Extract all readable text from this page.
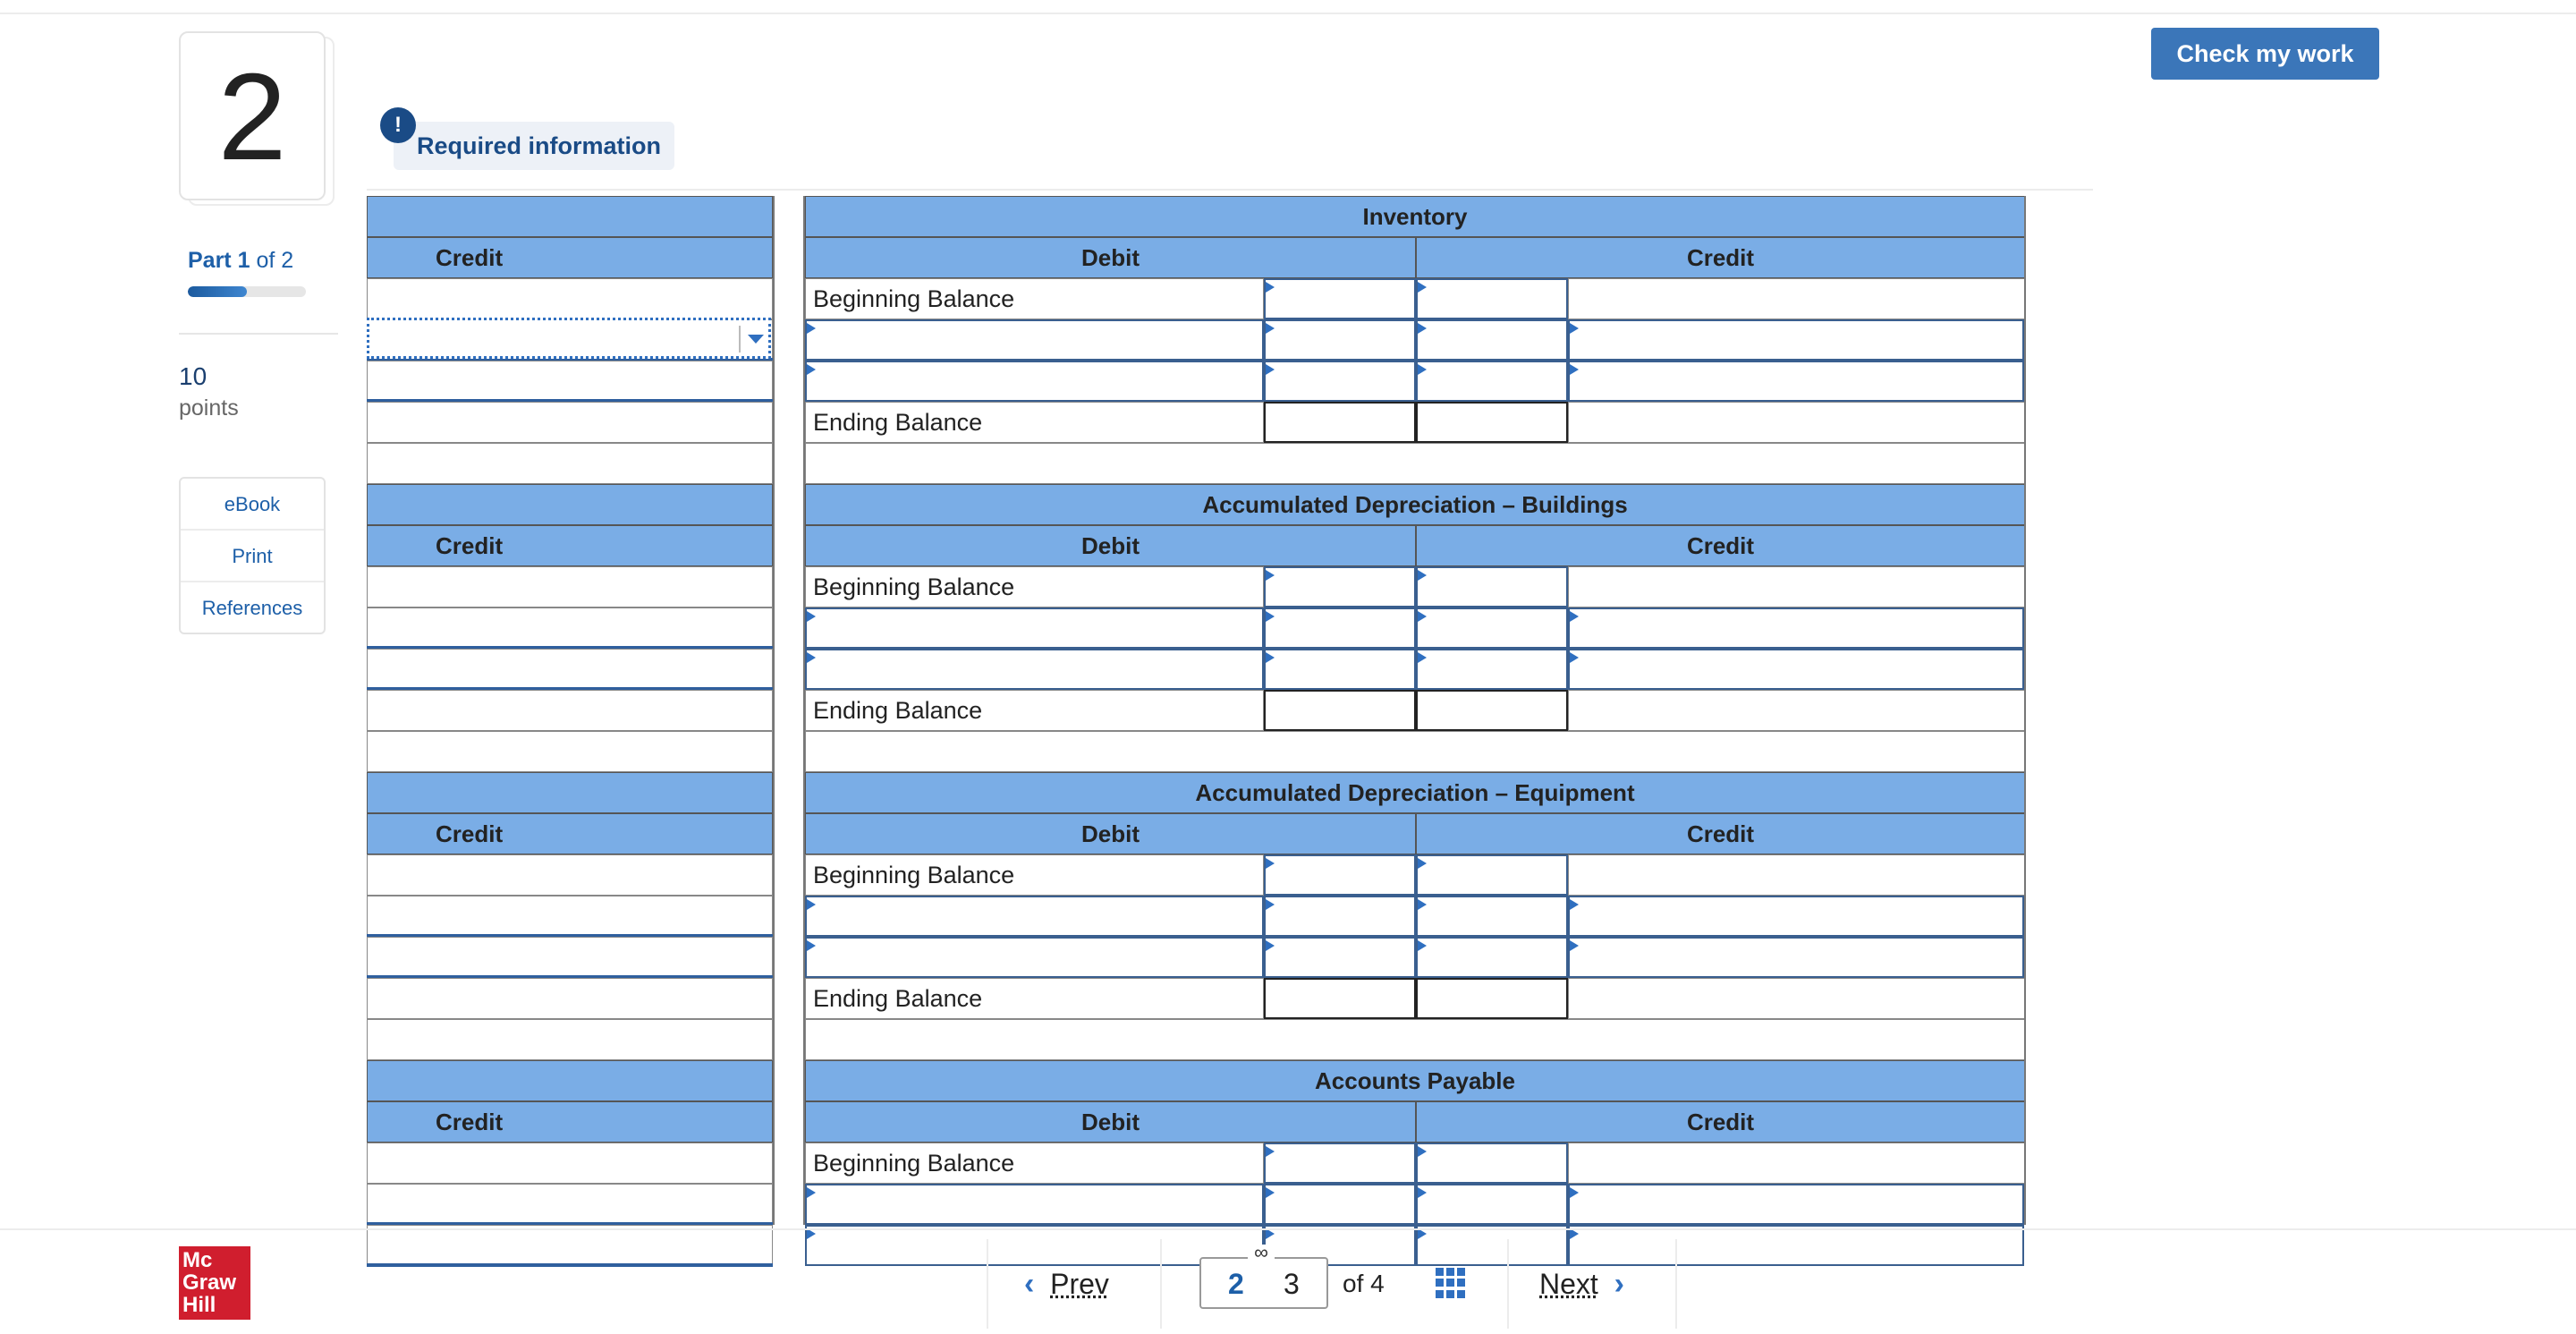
2
Part 1 of 2
10
points
eBook
Print
References
Required information
!
Check my work
Inventory
Credit	Debit	Credit
Beginning Balance
Ending Balance
Accumulated Depreciation – Buildings
Credit	Debit	Credit
Beginning Balance
Ending Balance
Accumulated Depreciation – Equipment
Credit	Debit	Credit
Beginning Balance
Ending Balance
Accounts Payable
Credit	Debit	Credit
Beginning Balance
Mc
Graw
Hill
‹ Prev	2 3
∞
of 4	Next ›
